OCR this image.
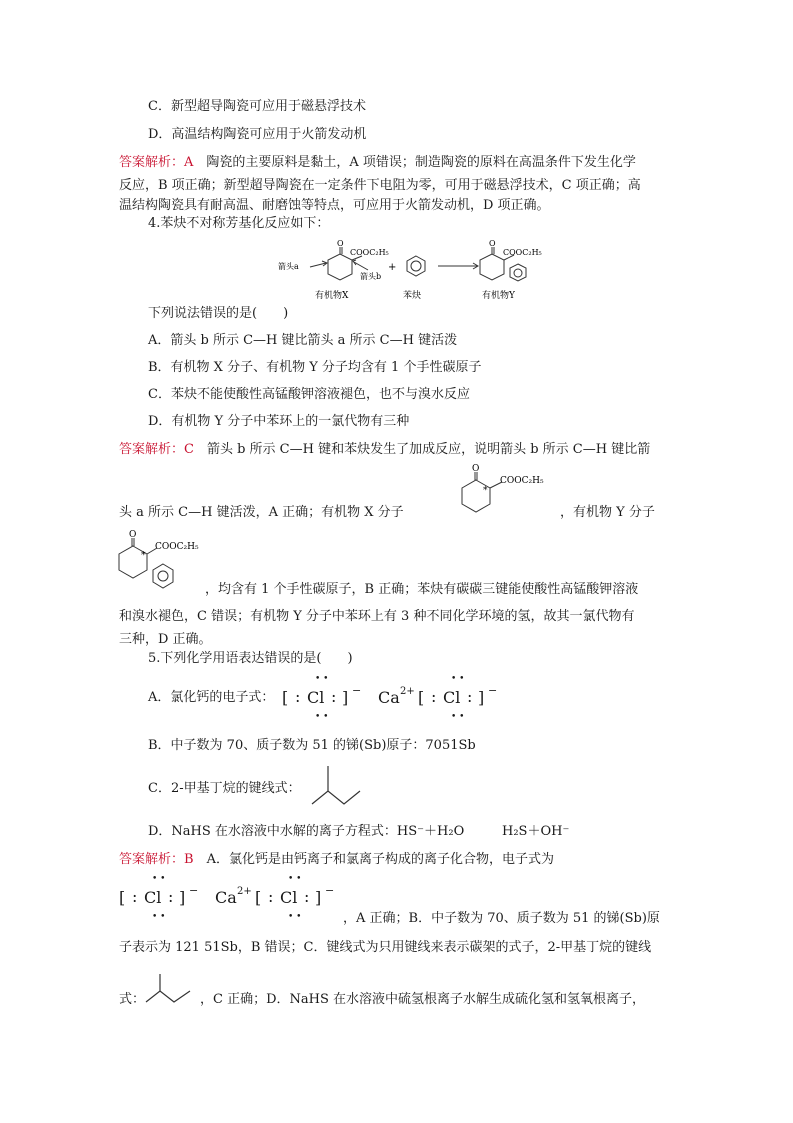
C．新型超导陶瓷可应用于磁悬浮技术
D．高温结构陶瓷可应用于火箭发动机
答案解析：A　陶瓷的主要原料是黏土，A 项错误；制造陶瓷的原料在高温条件下发生化学
反应，B 项正确；新型超导陶瓷在一定条件下电阻为零，可用于磁悬浮技术，C 项正确；高
温结构陶瓷具有耐高温、耐磨蚀等特点，可应用于火箭发动机，D 项正确。
4.苯炔不对称芳基化反应如下：
O
COOC₂H₅
箭头a
箭头b
有机物X
+
苯炔
O
COOC₂H₅
有机物Y
下列说法错误的是(　　)
A．箭头 b 所示 C—H 键比箭头 a 所示 C—H 键活泼
B．有机物 X 分子、有机物 Y 分子均含有 1 个手性碳原子
C．苯炔不能使酸性高锰酸钾溶液褪色，也不与溴水反应
D．有机物 Y 分子中苯环上的一氯代物有三种
答案解析：C　箭头 b 所示 C—H 键和苯炔发生了加成反应，说明箭头 b 所示 C—H 键比箭
O
*
COOC₂H₅
头 a 所示 C—H 键活泼，A 正确；有机物 X 分子	，有机物 Y 分子
O
*
COOC₂H₅
，均含有 1 个手性碳原子，B 正确；苯炔有碳碳三键能使酸性高锰酸钾溶液
和溴水褪色，C 错误；有机物 Y 分子中苯环上有 3 种不同化学环境的氢，故其一氯代物有
三种，D 正确。
5.下列化学用语表达错误的是(　　)
A．氯化钙的电子式： [ : Cl : ] − Ca 2+ [ : Cl : ] −
• •
• •
• •
• •
B．中子数为 70、质子数为 51 的锑(Sb)原子：7051Sb
C．2-甲基丁烷的键线式：
D．NaHS 在水溶液中水解的离子方程式：HS⁻＋H₂O	H₂S＋OH⁻
答案解析：B　A．氯化钙是由钙离子和氯离子构成的离子化合物，电子式为
[ : Cl : ] − Ca 2+ [ : Cl : ] −
• •
• •
• •
• •	，A 正确；B．中子数为 70、质子数为 51 的锑(Sb)原
子表示为 121 51Sb，B 错误；C．键线式为只用键线来表示碳架的式子，2-甲基丁烷的键线
式：	，C 正确；D．NaHS 在水溶液中硫氢根离子水解生成硫化氢和氢氧根离子，
